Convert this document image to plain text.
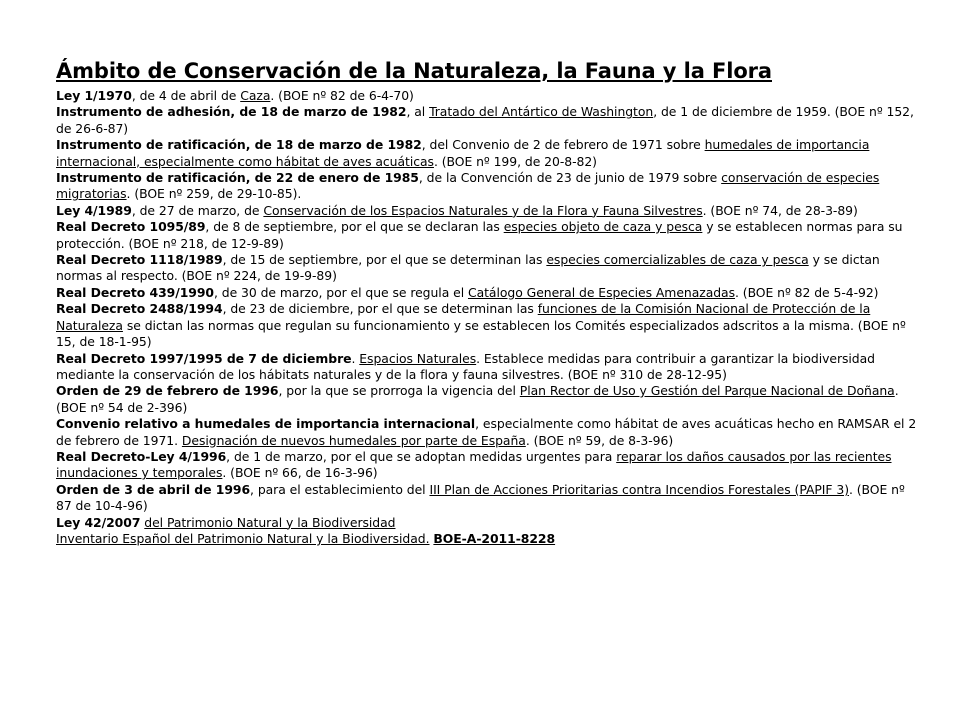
Ámbito de Conservación de la Naturaleza, la Fauna y la Flora

Ley 1/1970, de 4 de abril de Caza. (BOE nº 82 de 6-4-70)

Instrumento de adhesión, de 18 de marzo de 1982, al Tratado del Antártico de Washington, de 1 de diciembre de 1959. (BOE nº 152, de 26-6-87)

Instrumento de ratificación, de 18 de marzo de 1982, del Convenio de 2 de febrero de 1971 sobre humedales de importancia internacional, especialmente como hábitat de aves acuáticas. (BOE nº 199, de 20-8-82)

Instrumento de ratificación, de 22 de enero de 1985, de la Convención de 23 de junio de 1979 sobre conservación de especies migratorias. (BOE nº 259, de 29-10-85).

Ley 4/1989, de 27 de marzo, de Conservación de los Espacios Naturales y de la Flora y Fauna Silvestres. (BOE nº 74, de 28-3-89)

Real Decreto 1095/89, de 8 de septiembre, por el que se declaran las especies objeto de caza y pesca y se establecen normas para su protección. (BOE nº 218, de 12-9-89)

Real Decreto 1118/1989, de 15 de septiembre, por el que se determinan las especies comercializables de caza y pesca y se dictan normas al respecto. (BOE nº 224, de 19-9-89)

Real Decreto 439/1990, de 30 de marzo, por el que se regula el Catálogo General de Especies Amenazadas. (BOE nº 82 de 5-4-92)

Real Decreto 2488/1994, de 23 de diciembre, por el que se determinan las funciones de la Comisión Nacional de Protección de la Naturaleza se dictan las normas que regulan su funcionamiento y se establecen los Comités especializados adscritos a la misma. (BOE nº 15, de 18-1-95)

Real Decreto 1997/1995 de 7 de diciembre. Espacios Naturales. Establece medidas para contribuir a garantizar la biodiversidad mediante la conservación de los hábitats naturales y de la flora y fauna silvestres. (BOE nº 310 de 28-12-95)

Orden de 29 de febrero de 1996, por la que se prorroga la vigencia del Plan Rector de Uso y Gestión del Parque Nacional de Doñana. (BOE nº 54 de 2-396)

Convenio relativo a humedales de importancia internacional, especialmente como hábitat de aves acuáticas hecho en RAMSAR el 2 de febrero de 1971. Designación de nuevos humedales por parte de España. (BOE nº 59, de 8-3-96)

Real Decreto-Ley 4/1996, de 1 de marzo, por el que se adoptan medidas urgentes para reparar los daños causados por las recientes inundaciones y temporales. (BOE nº 66, de 16-3-96)

Orden de 3 de abril de 1996, para el establecimiento del III Plan de Acciones Prioritarias contra Incendios Forestales (PAPIF 3). (BOE nº 87 de 10-4-96)

Ley 42/2007 del Patrimonio Natural y la Biodiversidad

Inventario Español del Patrimonio Natural y la Biodiversidad. BOE-A-2011-8228
